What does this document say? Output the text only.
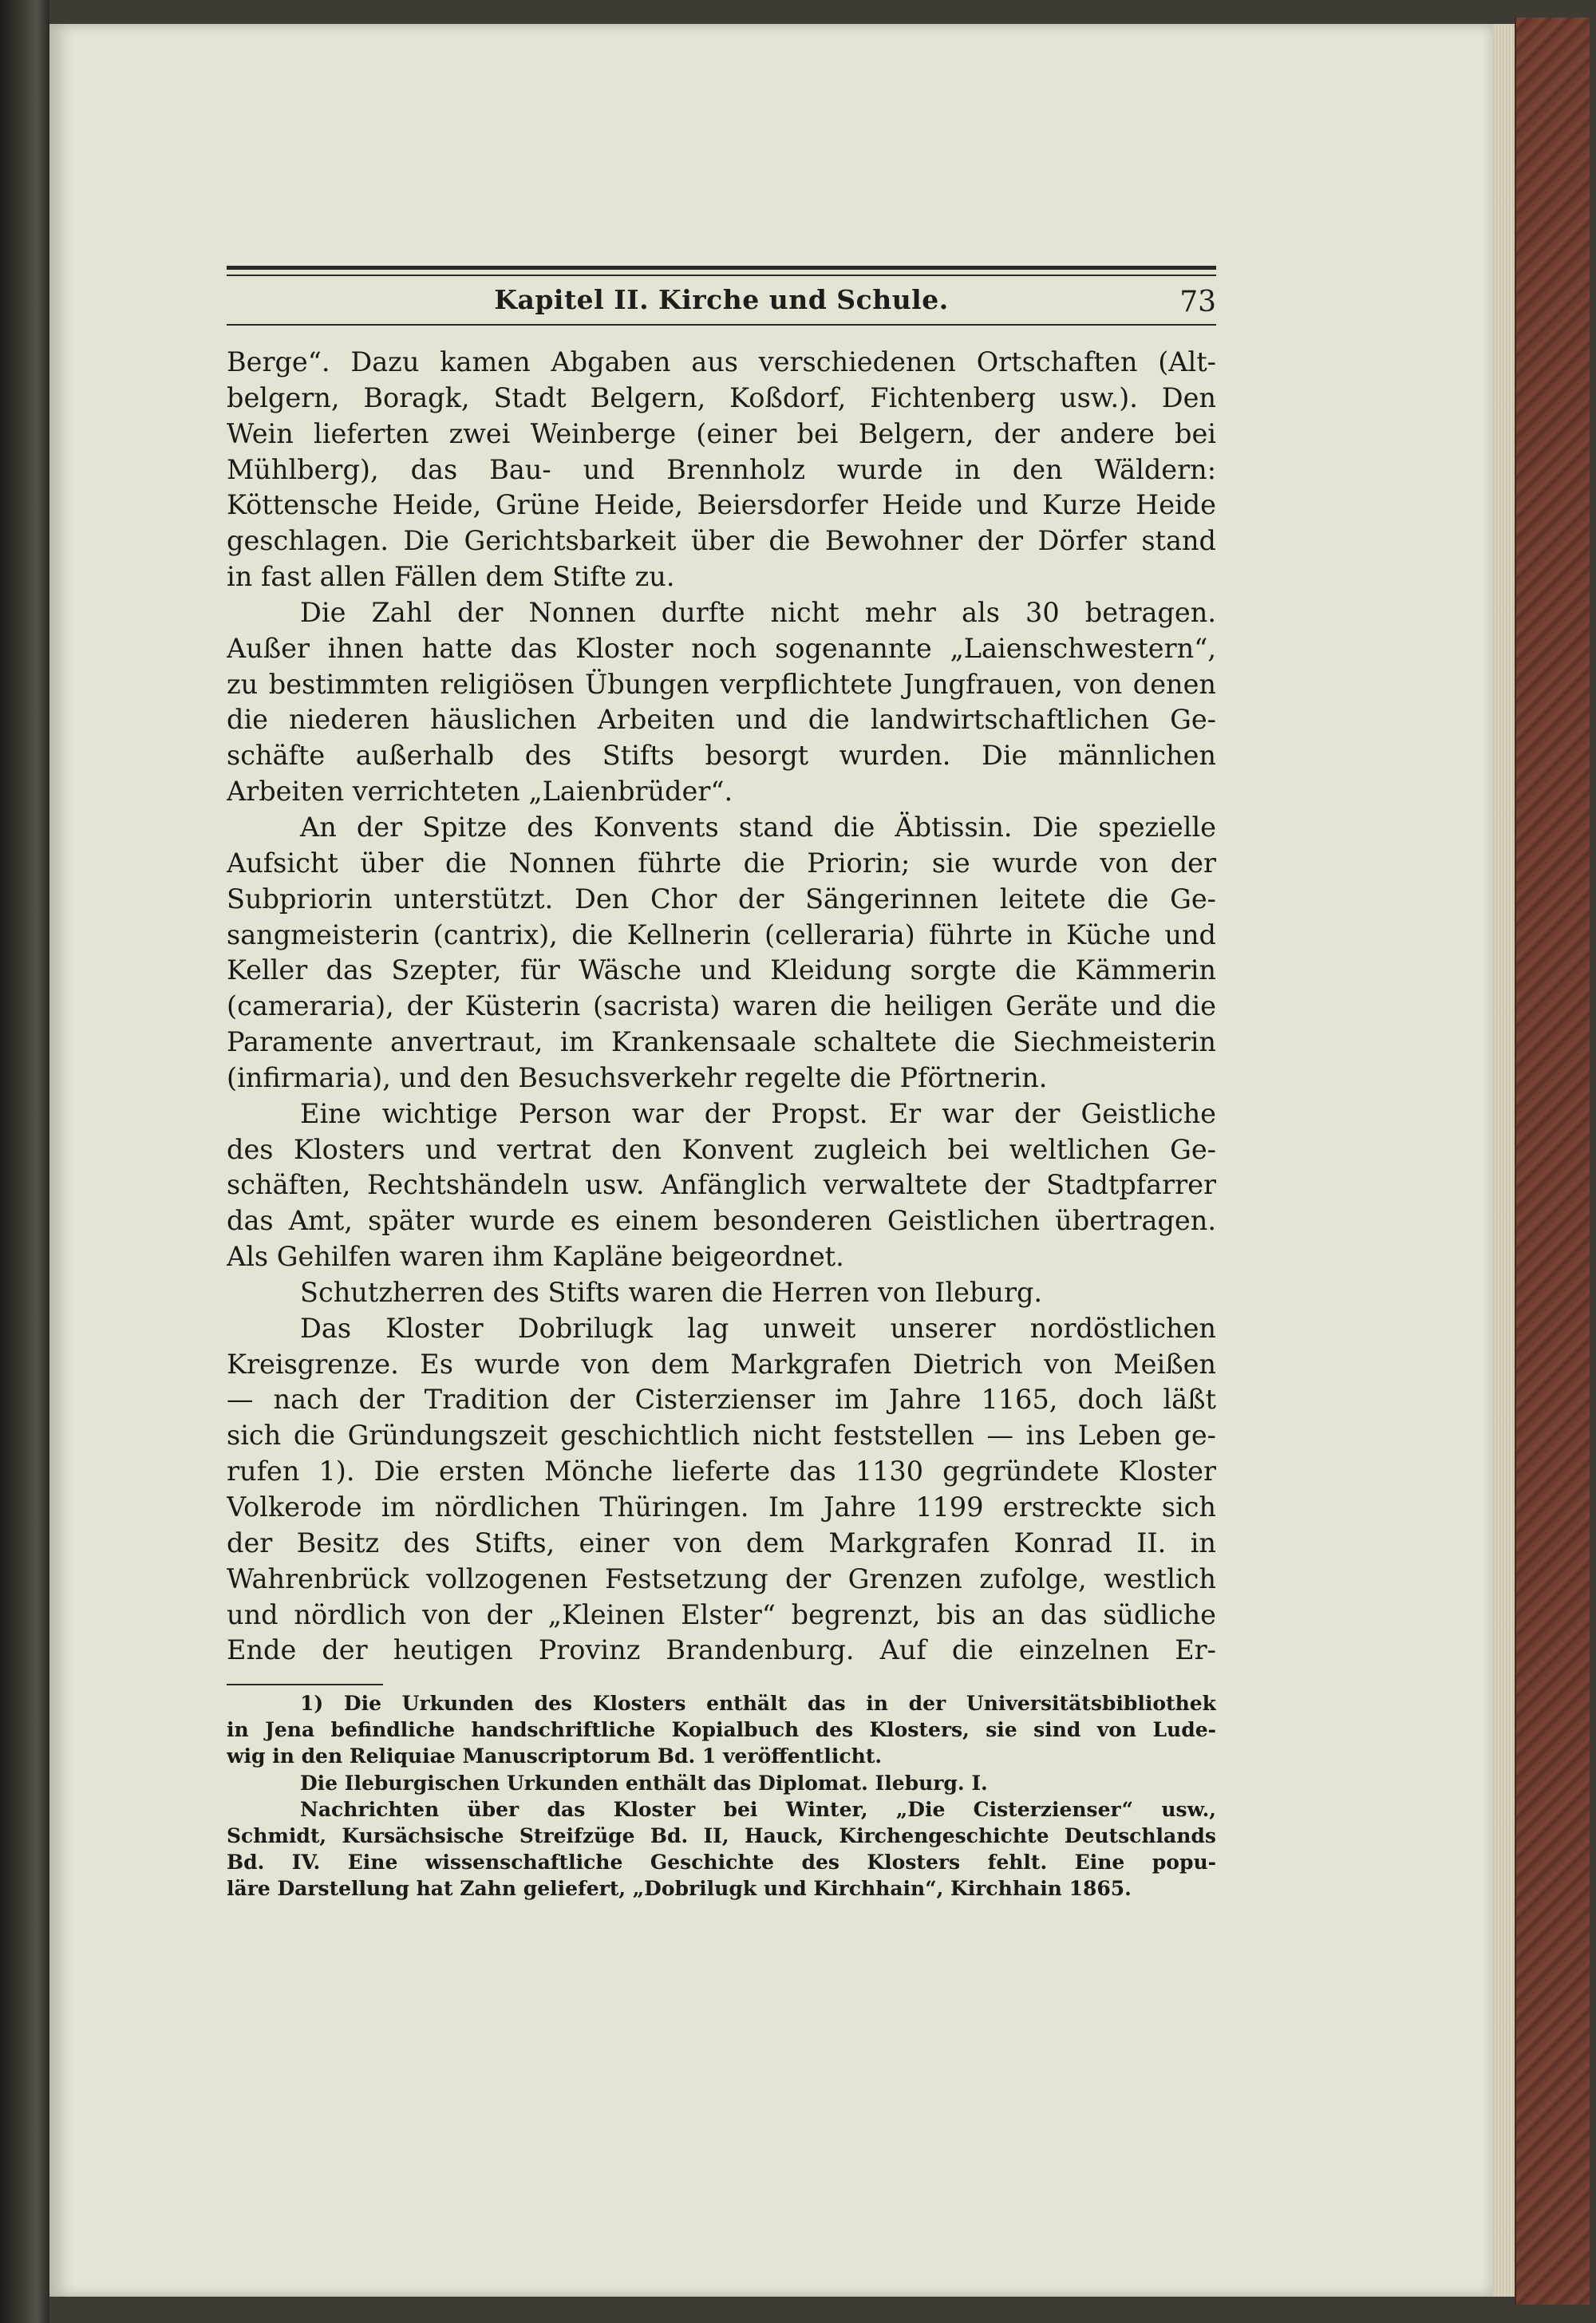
Kapitel II. Kirche und Schule.	73
Berge“. Dazu kamen Abgaben aus verschiedenen Ortschaften (Alt-
belgern, Boragk, Stadt Belgern, Koßdorf, Fichtenberg usw.). Den
Wein lieferten zwei Weinberge (einer bei Belgern, der andere bei
Mühlberg), das Bau- und Brennholz wurde in den Wäldern:
Köttensche Heide, Grüne Heide, Beiersdorfer Heide und Kurze Heide
geschlagen. Die Gerichtsbarkeit über die Bewohner der Dörfer stand
in fast allen Fällen dem Stifte zu.
Die Zahl der Nonnen durfte nicht mehr als 30 betragen.
Außer ihnen hatte das Kloster noch sogenannte „Laienschwestern“,
zu bestimmten religiösen Übungen verpflichtete Jungfrauen, von denen
die niederen häuslichen Arbeiten und die landwirtschaftlichen Ge-
schäfte außerhalb des Stifts besorgt wurden. Die männlichen
Arbeiten verrichteten „Laienbrüder“.
An der Spitze des Konvents stand die Äbtissin. Die spezielle
Aufsicht über die Nonnen führte die Priorin; sie wurde von der
Subpriorin unterstützt. Den Chor der Sängerinnen leitete die Ge-
sangmeisterin (cantrix), die Kellnerin (celleraria) führte in Küche und
Keller das Szepter, für Wäsche und Kleidung sorgte die Kämmerin
(cameraria), der Küsterin (sacrista) waren die heiligen Geräte und die
Paramente anvertraut, im Krankensaale schaltete die Siechmeisterin
(infirmaria), und den Besuchsverkehr regelte die Pförtnerin.
Eine wichtige Person war der Propst. Er war der Geistliche
des Klosters und vertrat den Konvent zugleich bei weltlichen Ge-
schäften, Rechtshändeln usw. Anfänglich verwaltete der Stadtpfarrer
das Amt, später wurde es einem besonderen Geistlichen übertragen.
Als Gehilfen waren ihm Kapläne beigeordnet.
Schutzherren des Stifts waren die Herren von Ileburg.
Das Kloster Dobrilugk lag unweit unserer nordöstlichen
Kreisgrenze. Es wurde von dem Markgrafen Dietrich von Meißen
— nach der Tradition der Cisterzienser im Jahre 1165, doch läßt
sich die Gründungszeit geschichtlich nicht feststellen — ins Leben ge-
rufen 1). Die ersten Mönche lieferte das 1130 gegründete Kloster
Volkerode im nördlichen Thüringen. Im Jahre 1199 erstreckte sich
der Besitz des Stifts, einer von dem Markgrafen Konrad II. in
Wahrenbrück vollzogenen Festsetzung der Grenzen zufolge, westlich
und nördlich von der „Kleinen Elster“ begrenzt, bis an das südliche
Ende der heutigen Provinz Brandenburg. Auf die einzelnen Er-
1) Die Urkunden des Klosters enthält das in der Universitätsbibliothek
in Jena befindliche handschriftliche Kopialbuch des Klosters, sie sind von Lude-
wig in den Reliquiae Manuscriptorum Bd. 1 veröffentlicht.
Die Ileburgischen Urkunden enthält das Diplomat. Ileburg. I.
Nachrichten über das Kloster bei Winter, „Die Cisterzienser“ usw.,
Schmidt, Kursächsische Streifzüge Bd. II, Hauck, Kirchengeschichte Deutschlands
Bd. IV. Eine wissenschaftliche Geschichte des Klosters fehlt. Eine popu-
läre Darstellung hat Zahn geliefert, „Dobrilugk und Kirchhain“, Kirchhain 1865.
